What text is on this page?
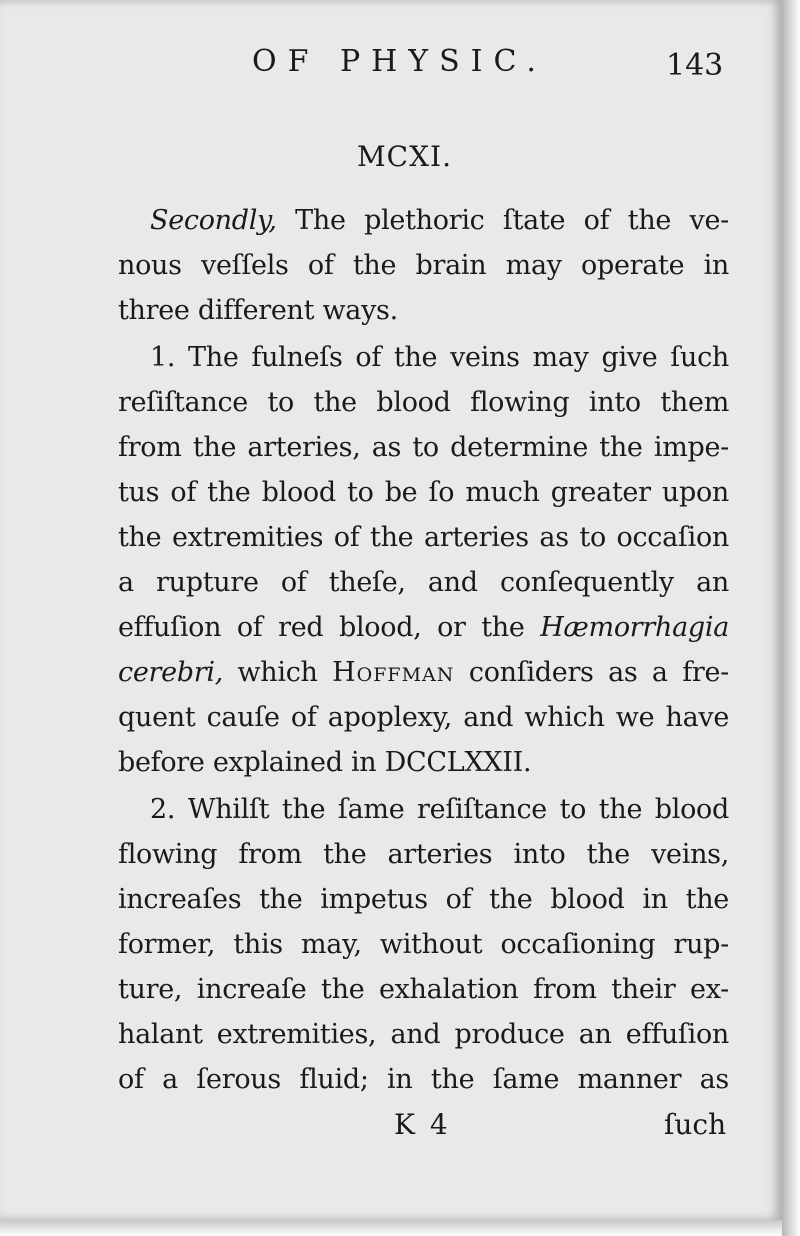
OF PHYSIC.	143
MCXI.
Secondly, The plethoric ſtate of the ve-
nous veſſels of the brain may operate in
three different ways.
1. The fulneſs of the veins may give ſuch
reſiſtance to the blood flowing into them
from the arteries, as to determine the impe-
tus of the blood to be ſo much greater upon
the extremities of the arteries as to occaſion
a rupture of theſe, and conſequently an
effuſion of red blood, or the Hæmorrhagia
cerebri, which Hoffman conſiders as a fre-
quent cauſe of apoplexy, and which we have
before explained in DCCLXXII.
2. Whilſt the ſame reſiſtance to the blood
flowing from the arteries into the veins,
increaſes the impetus of the blood in the
former, this may, without occaſioning rup-
ture, increaſe the exhalation from their ex-
halant extremities, and produce an effuſion
of a ſerous fluid; in the ſame manner as
K 4	ſuch
